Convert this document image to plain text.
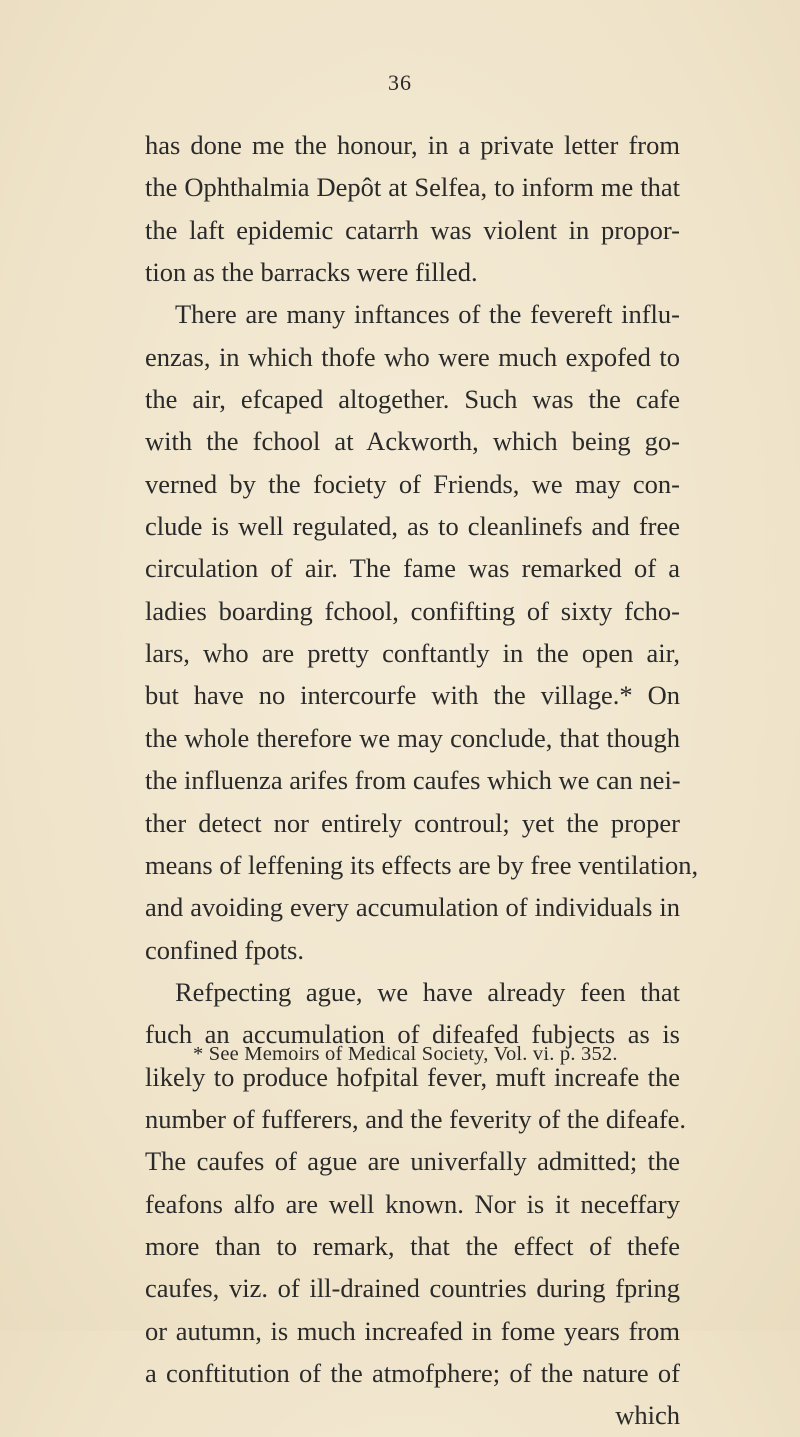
36
has done me the honour, in a private letter from
the Ophthalmia Depôt at Selfea, to inform me that
the laft epidemic catarrh was violent in propor-
tion as the barracks were filled.
There are many inftances of the fevereft influ-
enzas, in which thofe who were much expofed to
the air, efcaped altogether. Such was the cafe
with the fchool at Ackworth, which being go-
verned by the fociety of Friends, we may con-
clude is well regulated, as to cleanlinefs and free
circulation of air. The fame was remarked of a
ladies boarding fchool, confifting of sixty fcho-
lars, who are pretty conftantly in the open air,
but have no intercourfe with the village.* On
the whole therefore we may conclude, that though
the influenza arifes from caufes which we can nei-
ther detect nor entirely controul; yet the proper
means of leffening its effects are by free ventilation,
and avoiding every accumulation of individuals in
confined fpots.
Refpecting ague, we have already feen that
fuch an accumulation of difeafed fubjects as is
likely to produce hofpital fever, muft increafe the
number of fufferers, and the feverity of the difeafe.
The caufes of ague are univerfally admitted; the
feafons alfo are well known. Nor is it neceffary
more than to remark, that the effect of thefe
caufes, viz. of ill-drained countries during fpring
or autumn, is much increafed in fome years from
a conftitution of the atmofphere; of the nature of
which
* See Memoirs of Medical Society, Vol. vi. p. 352.
